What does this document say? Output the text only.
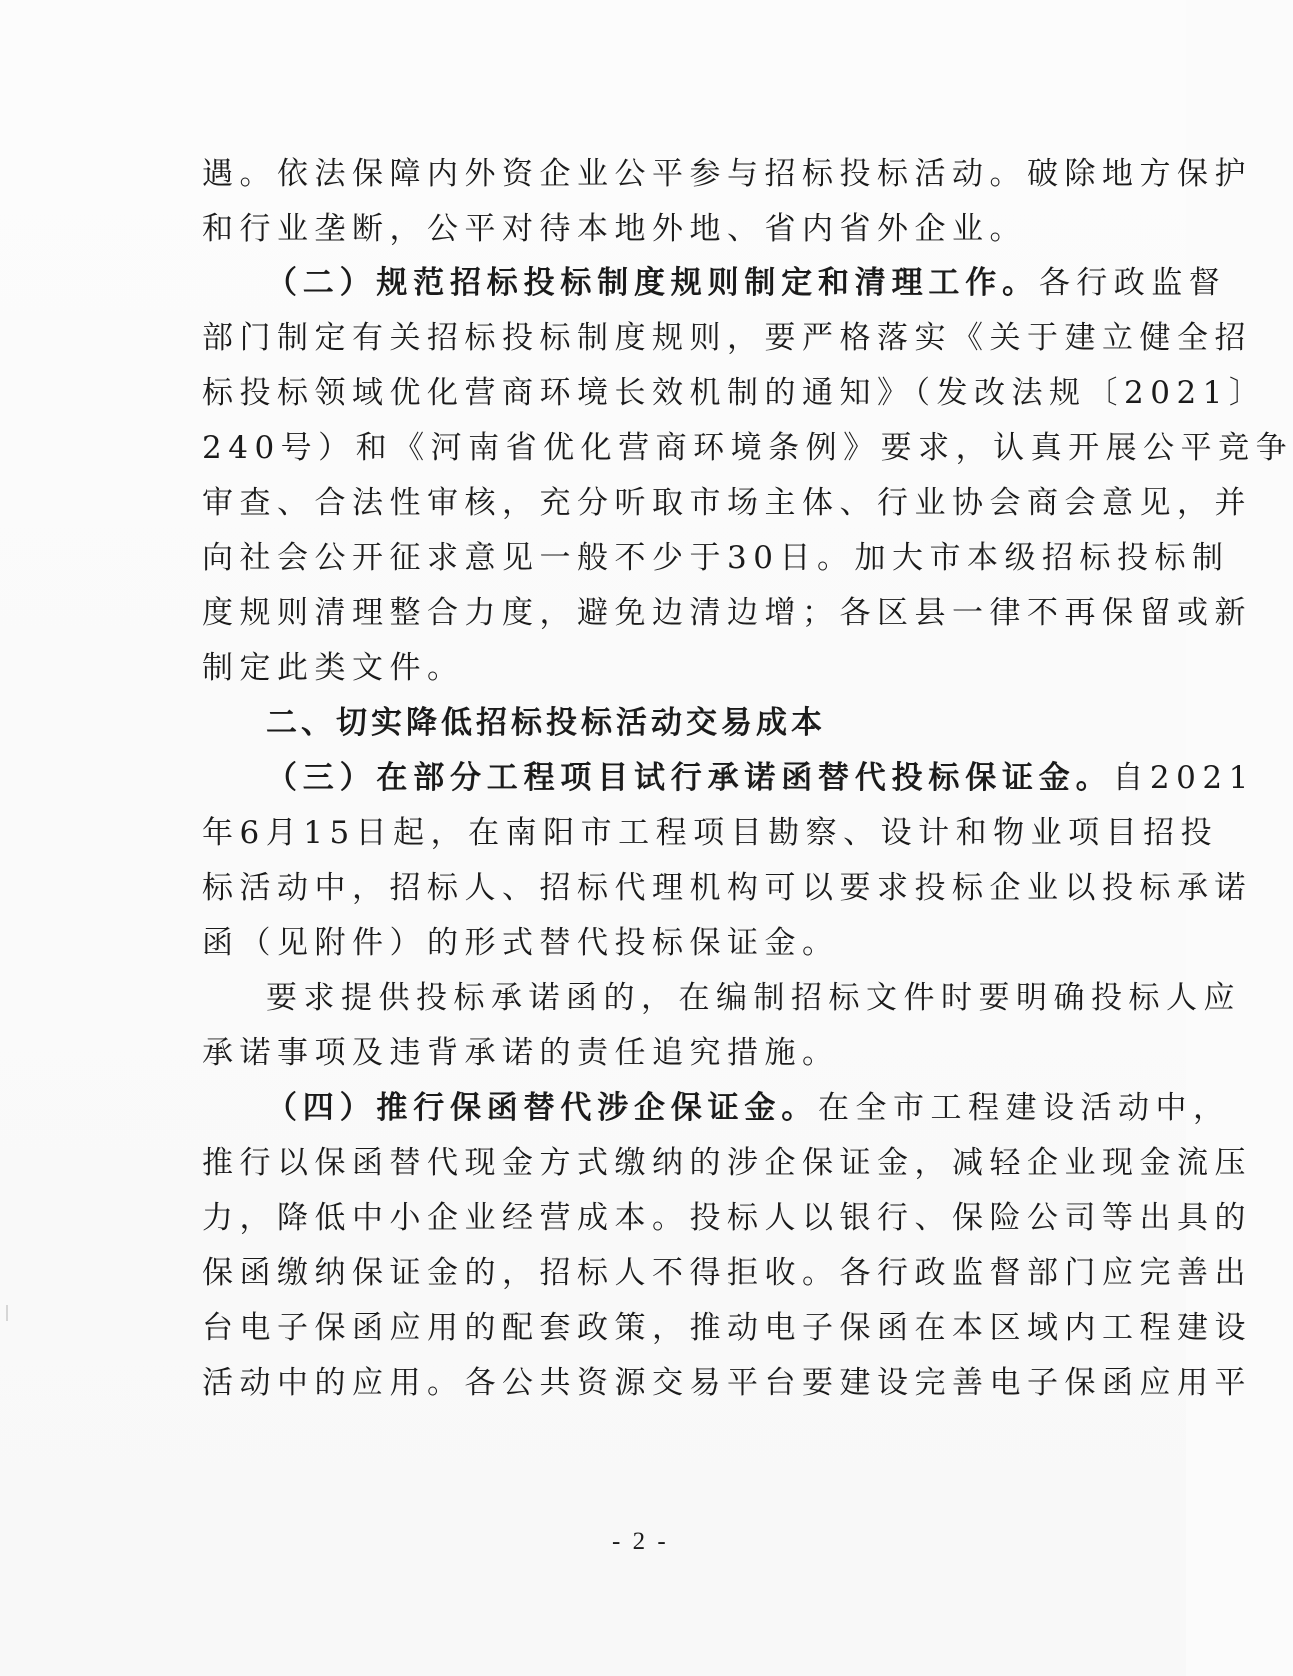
遇。依法保障内外资企业公平参与招标投标活动。破除地方保护
和行业垄断，公平对待本地外地、省内省外企业。
（二）规范招标投标制度规则制定和清理工作。各行政监督
部门制定有关招标投标制度规则，要严格落实《关于建立健全招
标投标领域优化营商环境长效机制的通知》（发改法规〔2021〕
240号）和《河南省优化营商环境条例》要求，认真开展公平竞争
审查、合法性审核，充分听取市场主体、行业协会商会意见，并
向社会公开征求意见一般不少于30日。加大市本级招标投标制
度规则清理整合力度，避免边清边增；各区县一律不再保留或新
制定此类文件。
二、切实降低招标投标活动交易成本
（三）在部分工程项目试行承诺函替代投标保证金。自2021
年6月15日起，在南阳市工程项目勘察、设计和物业项目招投
标活动中，招标人、招标代理机构可以要求投标企业以投标承诺
函（见附件）的形式替代投标保证金。
要求提供投标承诺函的，在编制招标文件时要明确投标人应
承诺事项及违背承诺的责任追究措施。
（四）推行保函替代涉企保证金。在全市工程建设活动中，
推行以保函替代现金方式缴纳的涉企保证金，减轻企业现金流压
力，降低中小企业经营成本。投标人以银行、保险公司等出具的
保函缴纳保证金的，招标人不得拒收。各行政监督部门应完善出
台电子保函应用的配套政策，推动电子保函在本区域内工程建设
活动中的应用。各公共资源交易平台要建设完善电子保函应用平
- 2 -
